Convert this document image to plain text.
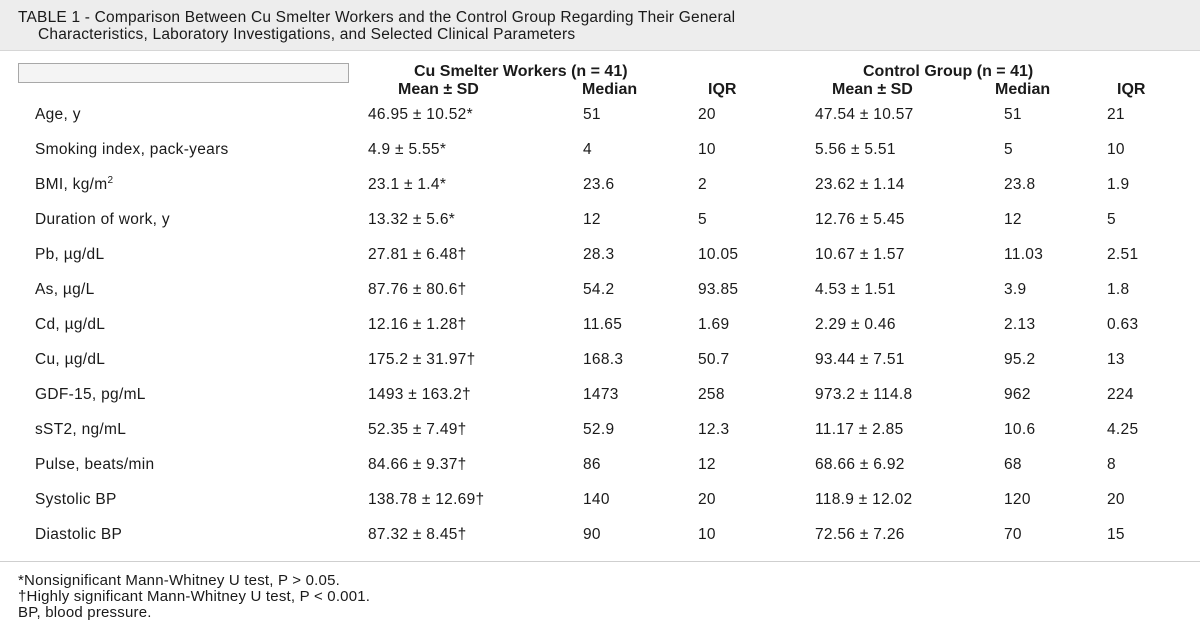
TABLE 1 - Comparison Between Cu Smelter Workers and the Control Group Regarding Their General

Characteristics, Laboratory Investigations, and Selected Clinical Parameters
Cu Smelter Workers (n = 41)	Control Group (n = 41)
Mean ± SD	Median	IQR	Mean ± SD	Median	IQR
Age, y	46.95 ± 10.52*	51	20	47.54 ± 10.57	51	21
Smoking index, pack-years	4.9 ± 5.55*	4	10	5.56 ± 5.51	5	10
BMI, $kg/m^2$	23.1 ± 1.4*	23.6	2	23.62 ± 1.14	23.8	1.9
Duration of work, y	13.32 ± 5.6*	12	5	12.76 ± 5.45	12	5
Pb, µg/dL	27.81 ± 6.48†	28.3	10.05	10.67 ± 1.57	11.03	2.51
As, µg/L	87.76 ± 80.6†	54.2	93.85	4.53 ± 1.51	3.9	1.8
Cd, µg/dL	12.16 ± 1.28†	11.65	1.69	2.29 ± 0.46	2.13	0.63
Cu, µg/dL	175.2 ± 31.97†	168.3	50.7	93.44 ± 7.51	95.2	13
GDF-15, pg/mL	1493 ± 163.2†	1473	258	973.2 ± 114.8	962	224
sST2, ng/mL	52.35 ± 7.49†	52.9	12.3	11.17 ± 2.85	10.6	4.25
Pulse, beats/min	84.66 ± 9.37†	86	12	68.66 ± 6.92	68	8
Systolic BP	138.78 ± 12.69†	140	20	118.9 ± 12.02	120	20
Diastolic BP	87.32 ± 8.45†	90	10	72.56 ± 7.26	70	15
*Nonsignificant Mann-Whitney U test, P > 0.05.
†Highly significant Mann-Whitney U test, P < 0.001.
BP, blood pressure.
